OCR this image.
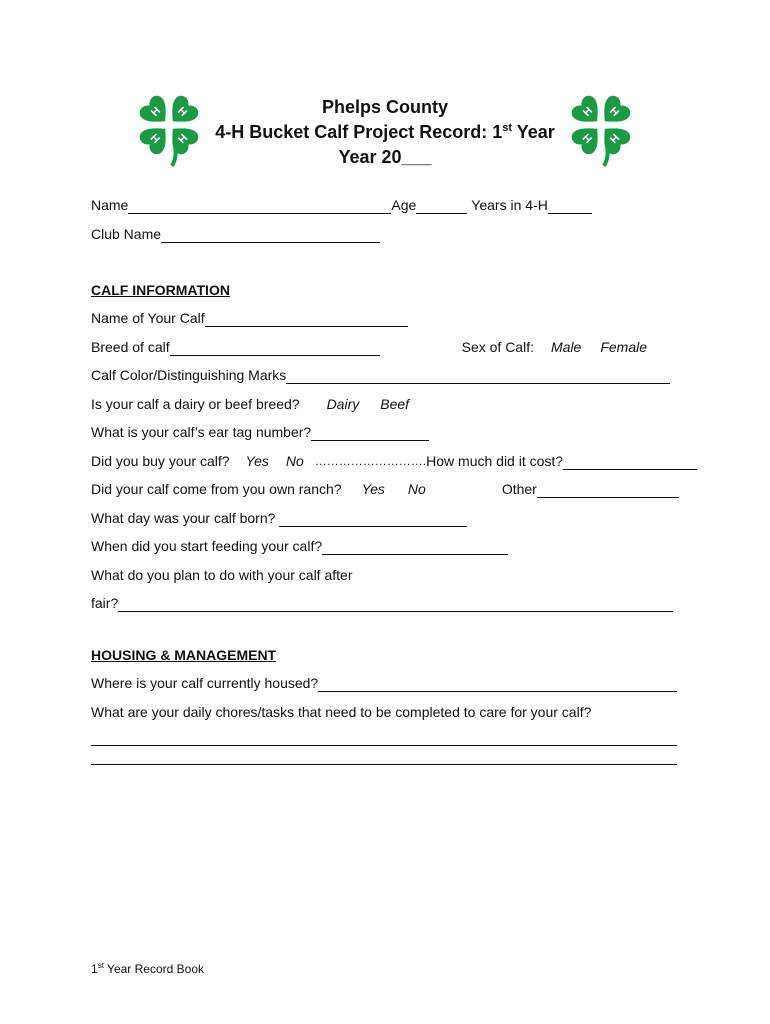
H H
H H
H H
H H
Phelps County
4-H Bucket Calf Project Record: 1st Year
Year 20___
Name	Age	Years in 4-H
Club Name
CALF INFORMATION
Name of Your Calf
Breed of calf	Sex of Calf: Male Female
Calf Color/Distinguishing Marks
Is your calf a dairy or beef breed? Dairy Beef
What is your calf’s ear tag number?
Did you buy your calf? Yes No ………………………. How much did it cost?
Did your calf come from you own ranch? Yes No	Other
What day was your calf born?
When did you start feeding your calf?
What do you plan to do with your calf after
fair?
HOUSING & MANAGEMENT
Where is your calf currently housed?
What are your daily chores/tasks that need to be completed to care for your calf?
1st Year Record Book
